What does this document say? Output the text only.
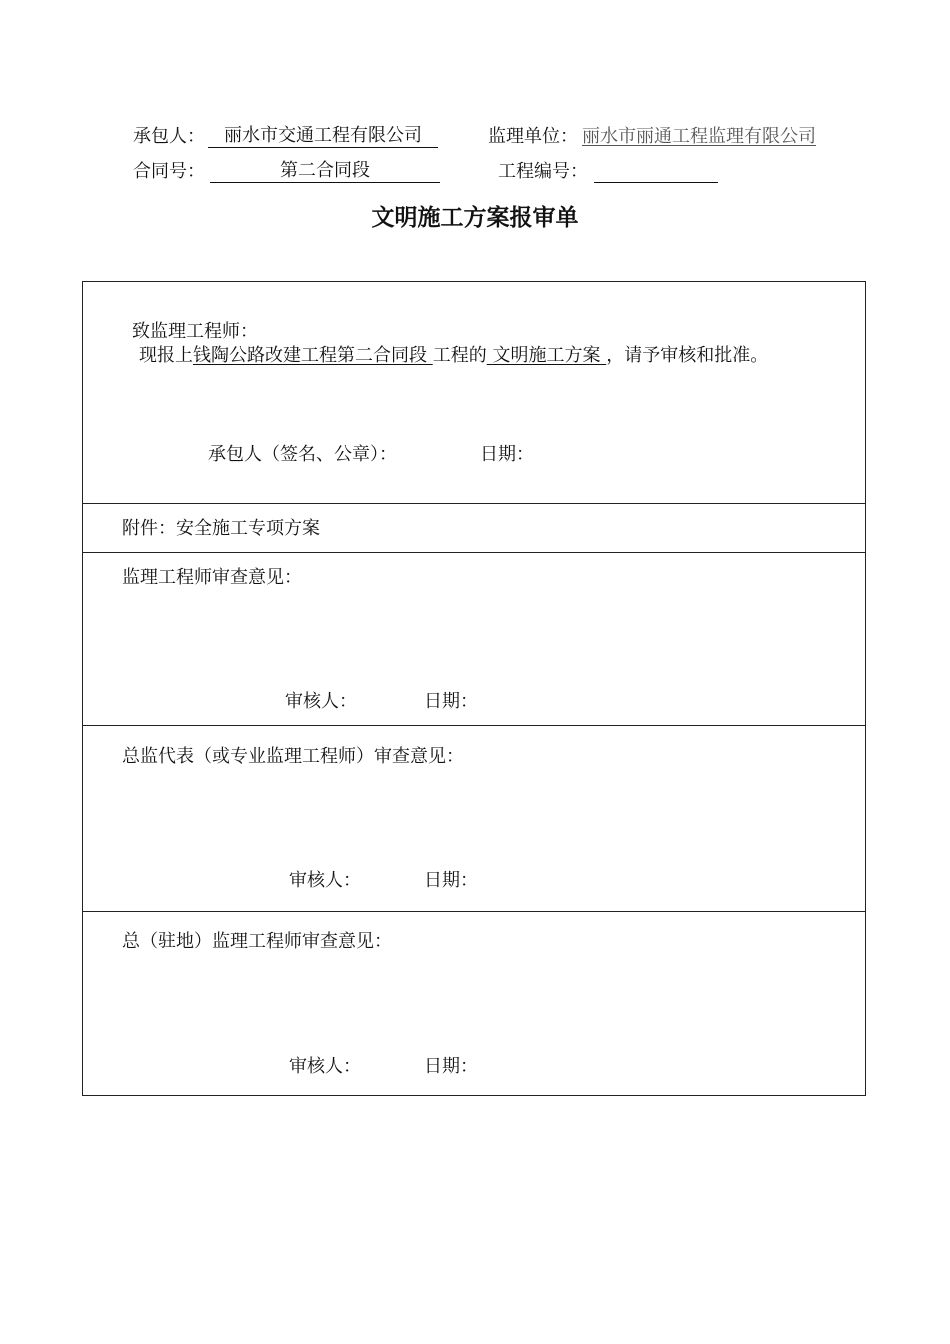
承包人：	丽水市交通工程有限公司	监理单位： 丽水市丽通工程监理有限公司
合同号：	第二合同段	工程编号：
文明施工方案报审单
致监理工程师：
现报上钱陶公路改建工程第二合同段 工程的 文明施工方案 ，请予审核和批准。
承包人（签名、公章）：	日期：
附件：安全施工专项方案
监理工程师审查意见：
审核人：	日期：
总监代表（或专业监理工程师）审查意见：
审核人：	日期：
总（驻地）监理工程师审查意见：
审核人：	日期：
